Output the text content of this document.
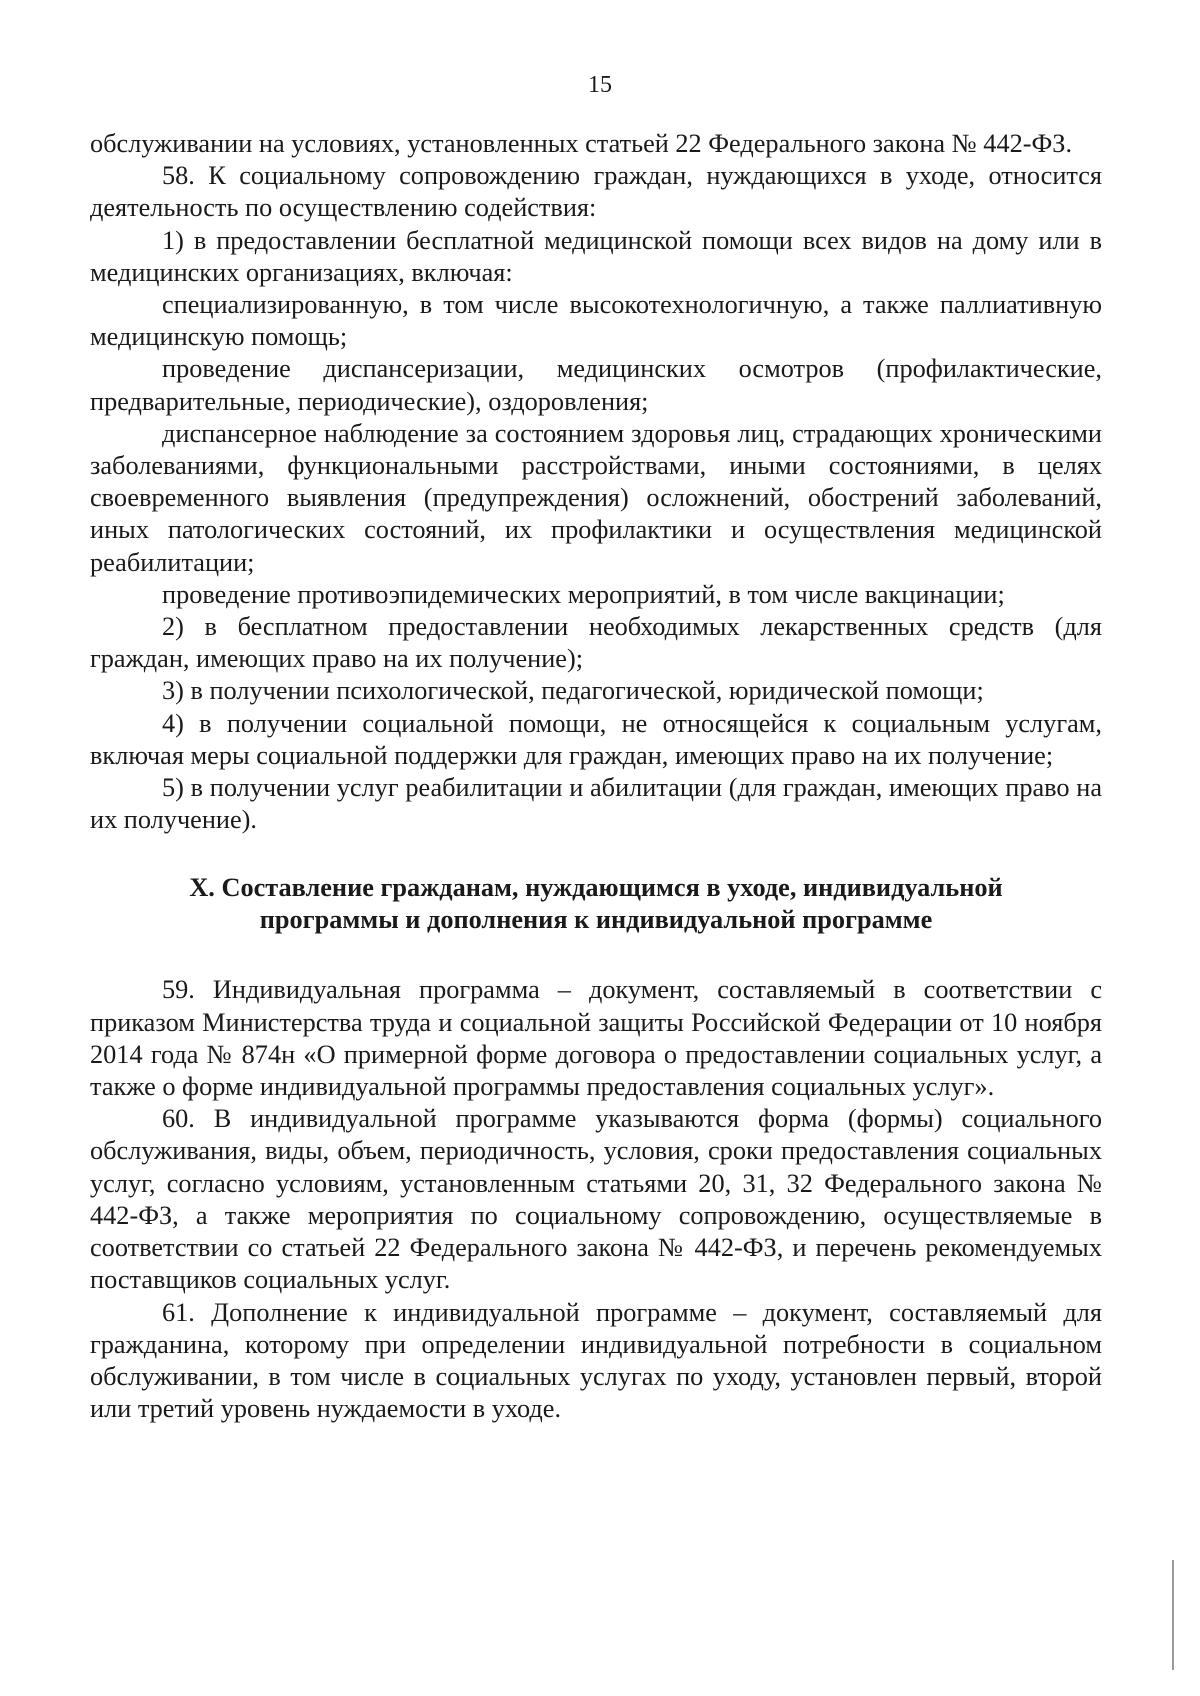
15

обслуживании на условиях, установленных статьей 22 Федерального закона № 442-ФЗ.

58. К социальному сопровождению граждан, нуждающихся в уходе, относится деятельность по осуществлению содействия:

1) в предоставлении бесплатной медицинской помощи всех видов на дому или в медицинских организациях, включая:

специализированную, в том числе высокотехнологичную, а также паллиативную медицинскую помощь;

проведение диспансеризации, медицинских осмотров (профилактические, предварительные, периодические), оздоровления;

диспансерное наблюдение за состоянием здоровья лиц, страдающих хроническими заболеваниями, функциональными расстройствами, иными состояниями, в целях своевременного выявления (предупреждения) осложнений, обострений заболеваний, иных патологических состояний, их профилактики и осуществления медицинской реабилитации;

проведение противоэпидемических мероприятий, в том числе вакцинации;

2) в бесплатном предоставлении необходимых лекарственных средств (для граждан, имеющих право на их получение);

3) в получении психологической, педагогической, юридической помощи;

4) в получении социальной помощи, не относящейся к социальным услугам, включая меры социальной поддержки для граждан, имеющих право на их получение;

5) в получении услуг реабилитации и абилитации (для граждан, имеющих право на их получение).

X. Составление гражданам, нуждающимся в уходе, индивидуальной
программы и дополнения к индивидуальной программе

59. Индивидуальная программа – документ, составляемый в соответствии с приказом Министерства труда и социальной защиты Российской Федерации от 10 ноября 2014 года № 874н «О примерной форме договора о предоставлении социальных услуг, а также о форме индивидуальной программы предоставления социальных услуг».

60. В индивидуальной программе указываются форма (формы) социального обслуживания, виды, объем, периодичность, условия, сроки предоставления социальных услуг, согласно условиям, установленным статьями 20, 31, 32 Федерального закона № 442-ФЗ, а также мероприятия по социальному сопровождению, осуществляемые в соответствии со статьей 22 Федерального закона № 442-ФЗ, и перечень рекомендуемых поставщиков социальных услуг.

61. Дополнение к индивидуальной программе – документ, составляемый для гражданина, которому при определении индивидуальной потребности в социальном обслуживании, в том числе в социальных услугах по уходу, установлен первый, второй или третий уровень нуждаемости в уходе.
